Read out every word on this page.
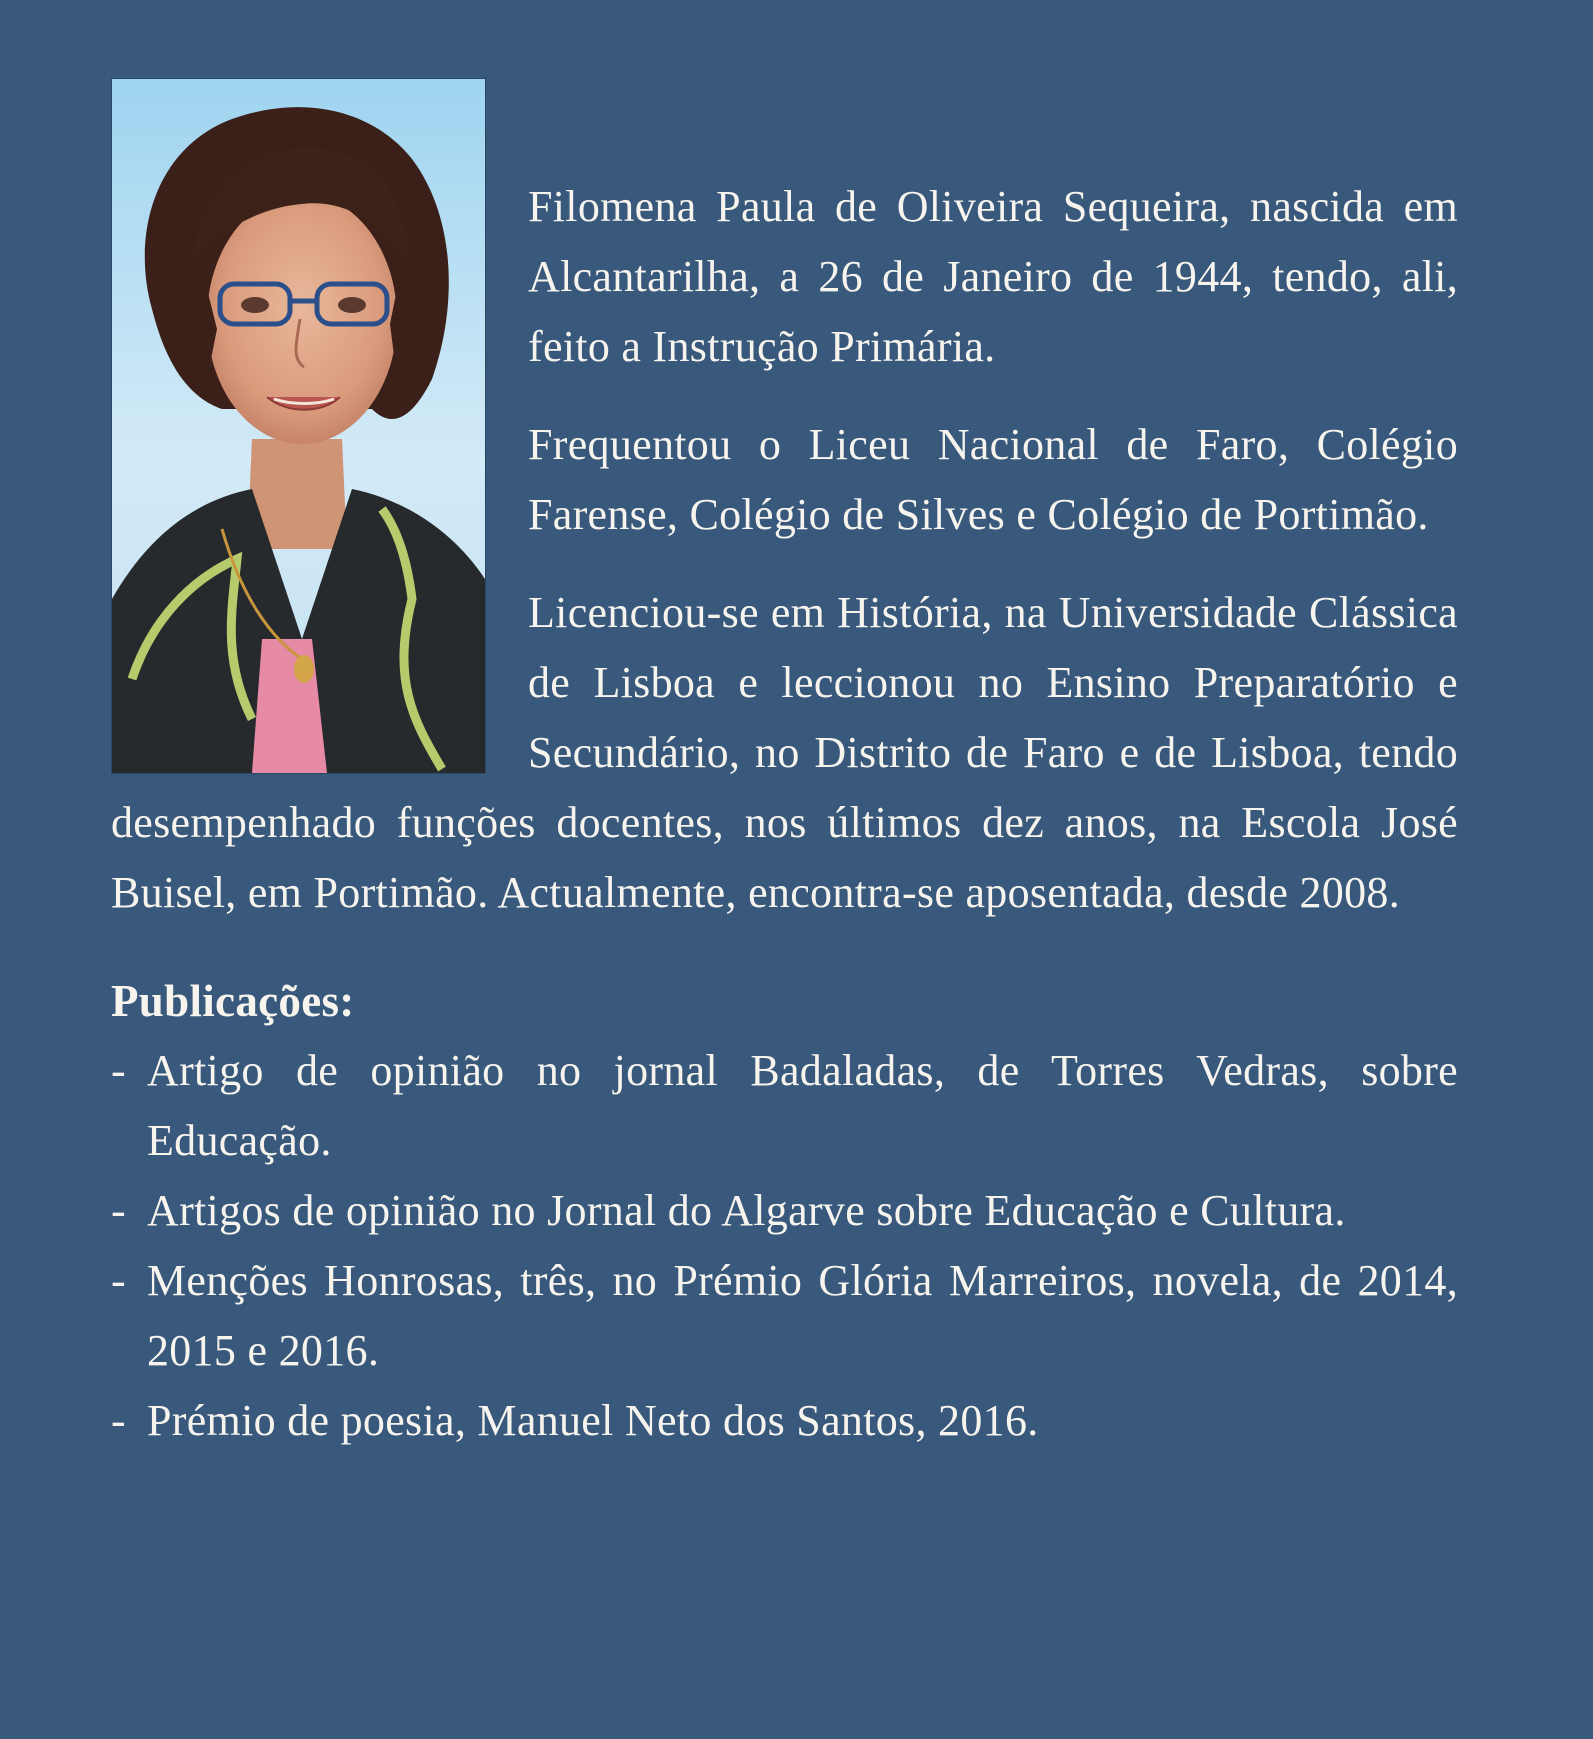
Filomena Paula de Oliveira Sequeira, nascida em Alcantarilha, a 26 de Janeiro de 1944, tendo, ali, feito a Instrução Primária.

Frequentou o Liceu Nacional de Faro, Colégio Farense, Colégio de Silves e Colégio de Portimão.

Licenciou-se em História, na Universidade Clássica de Lisboa e leccionou no Ensino Preparatório e Secundário, no Distrito de Faro e de Lisboa, tendo desempenhado funções docentes, nos últimos dez anos, na Escola José Buisel, em Portimão. Actualmente, encontra-se aposentada, desde 2008.

Publicações:
- Artigo de opinião no jornal Badaladas, de Torres Vedras, sobre Educação.
- Artigos de opinião no Jornal do Algarve sobre Educação e Cultura.
- Menções Honrosas, três, no Prémio Glória Marreiros, novela, de 2014, 2015 e 2016.
- Prémio de poesia, Manuel Neto dos Santos, 2016.
